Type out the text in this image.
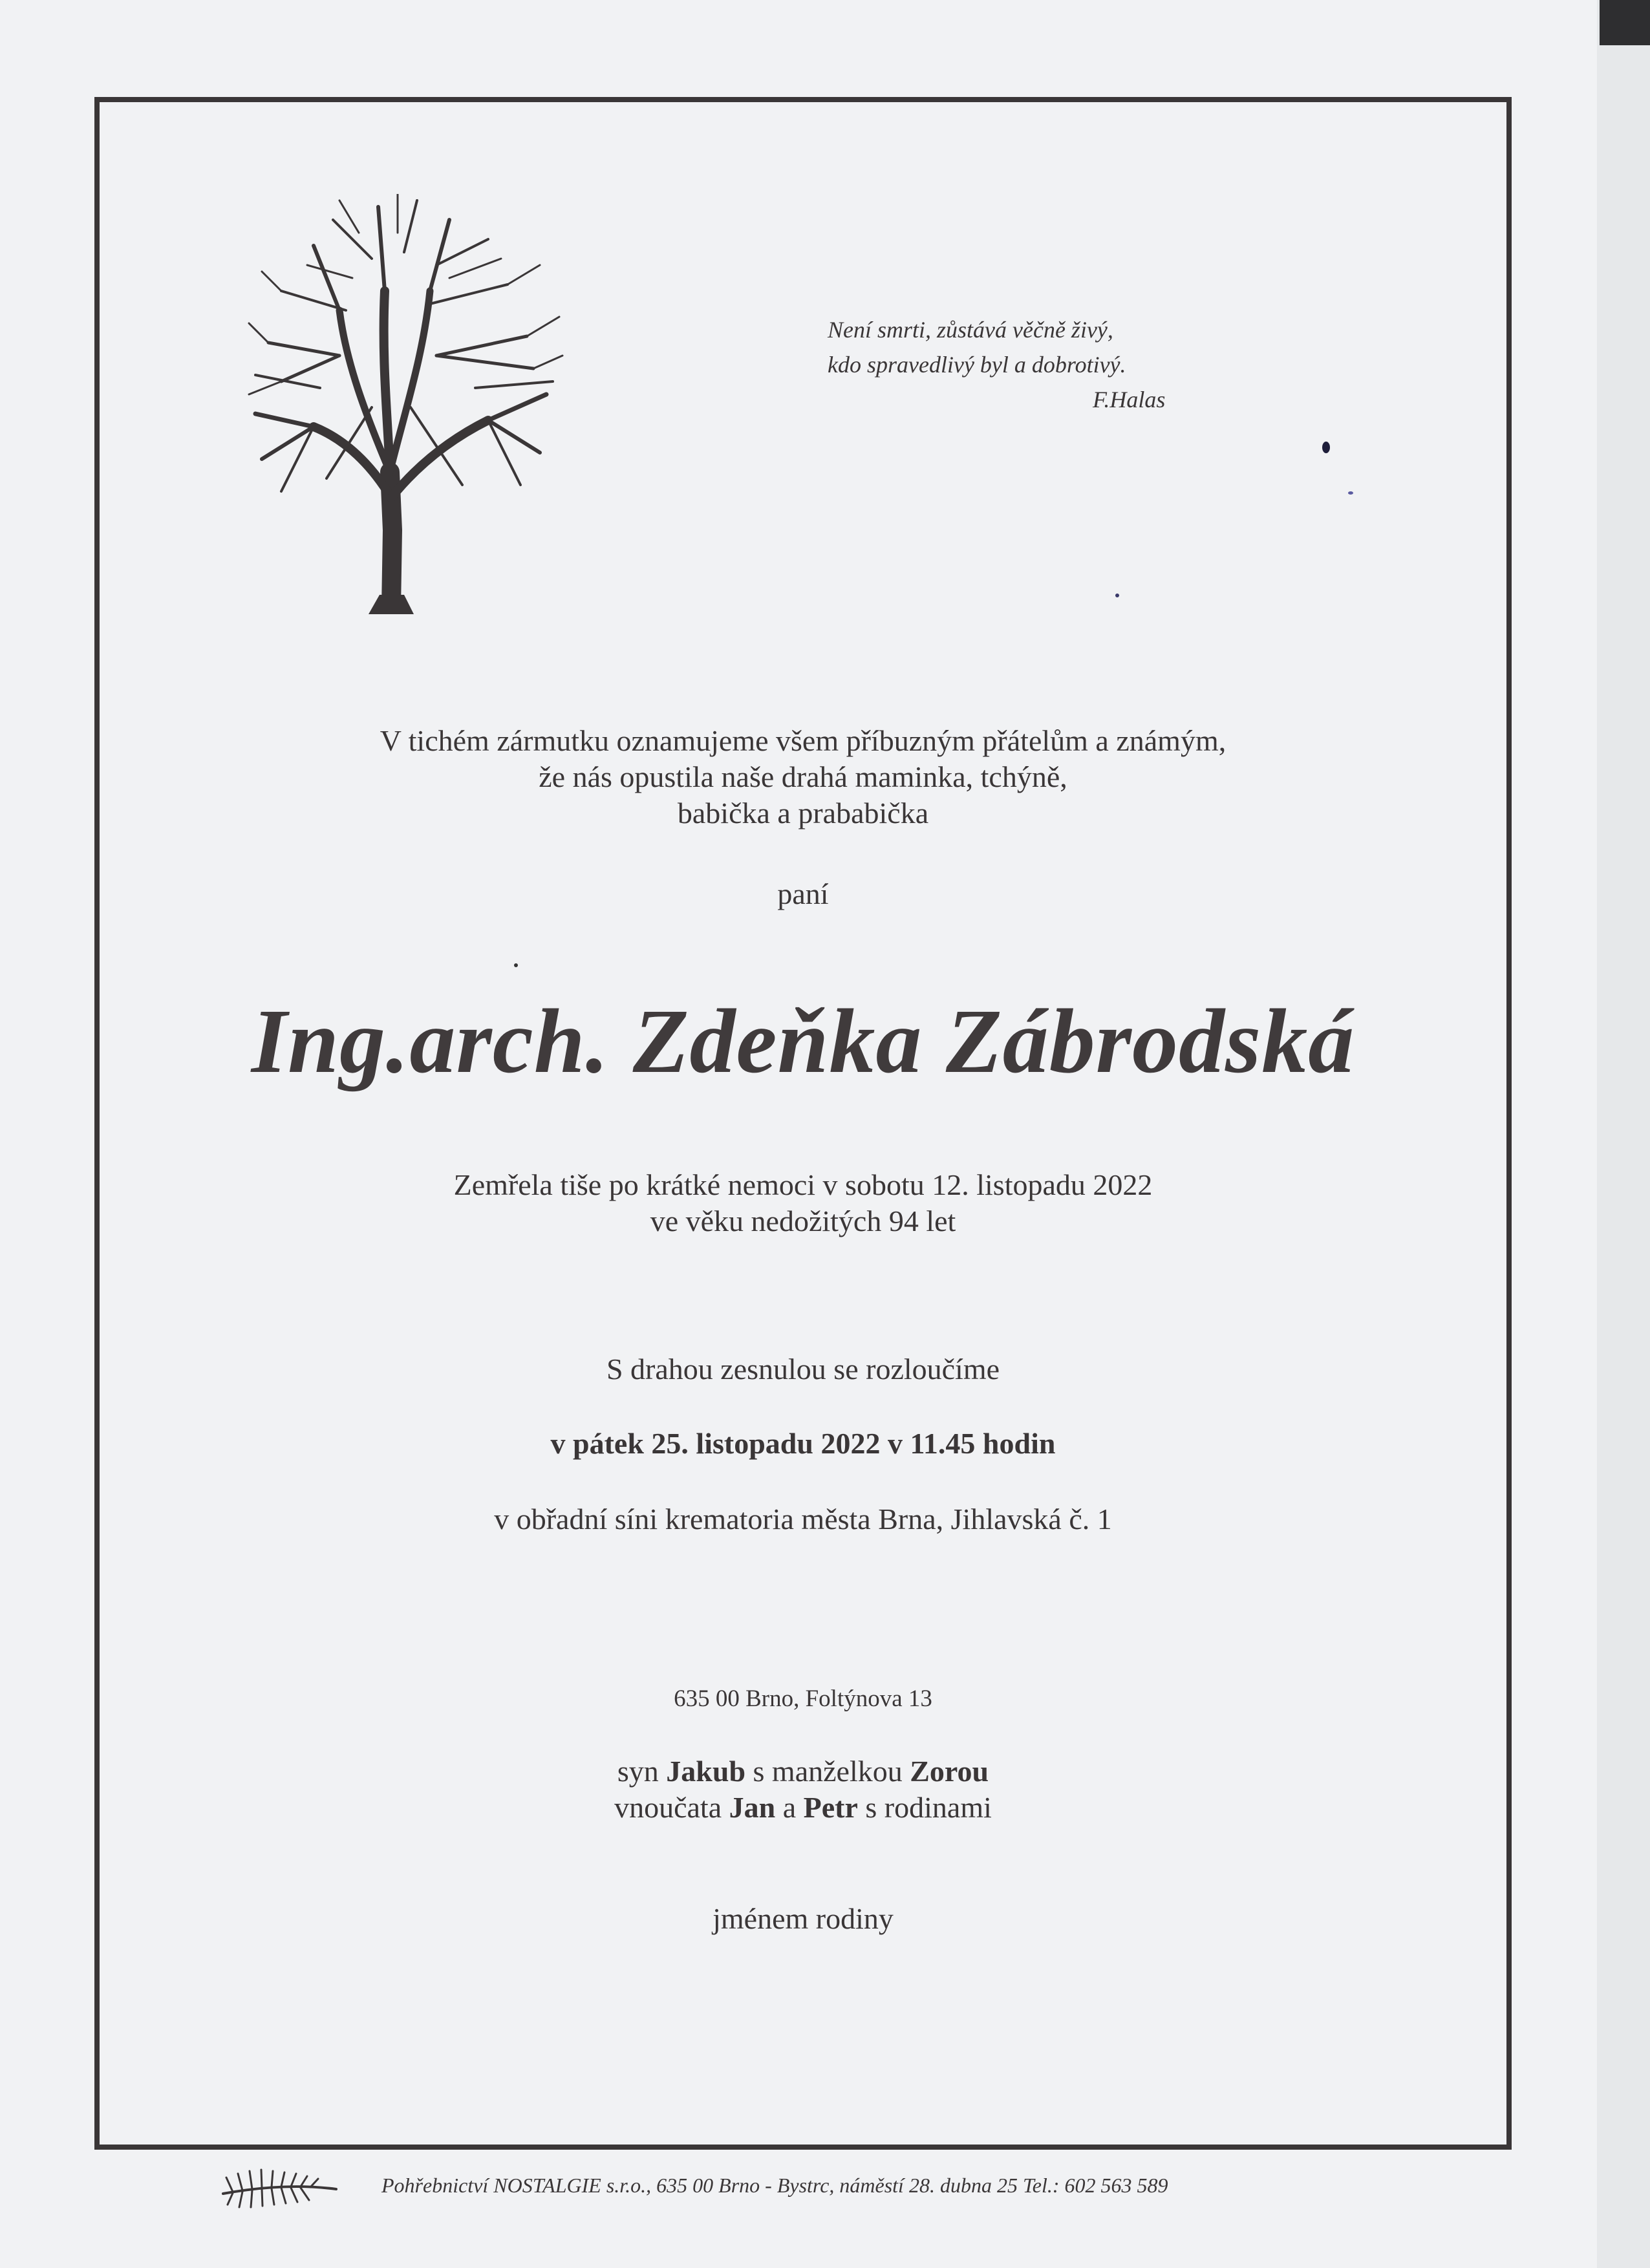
Není smrti, zůstává věčně živý,
kdo spravedlivý byl a dobrotivý.
F.Halas
V tichém zármutku oznamujeme všem příbuzným přátelům a známým,
že nás opustila naše drahá maminka, tchýně,
babička a prababička
paní
Ing.arch. Zdeňka Zábrodská
Zemřela tiše po krátké nemoci v sobotu 12. listopadu 2022
ve věku nedožitých 94 let
S drahou zesnulou se rozloučíme
v pátek 25. listopadu 2022 v 11.45 hodin
v obřadní síni krematoria města Brna, Jihlavská č. 1
635 00 Brno, Foltýnova 13
syn Jakub s manželkou Zorou
vnoučata Jan a Petr s rodinami
jménem rodiny
Pohřebnictví NOSTALGIE s.r.o., 635 00 Brno - Bystrc, náměstí 28. dubna 25 Tel.: 602 563 589
